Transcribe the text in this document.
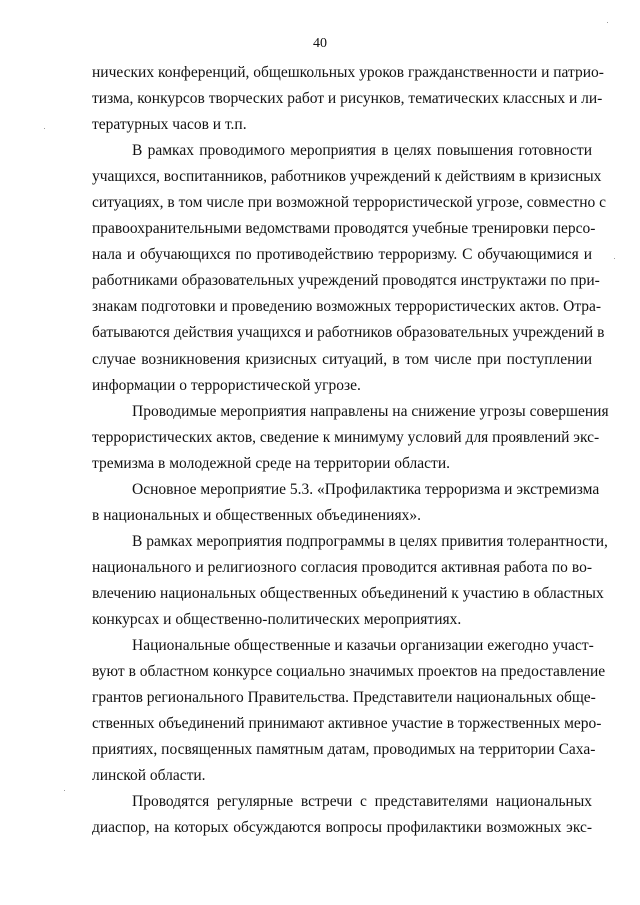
40

нических конференций, общешкольных уроков гражданственности и патрио-
тизма, конкурсов творческих работ и рисунков, тематических классных и ли-
тературных часов и т.п.

В рамках проводимого мероприятия в целях повышения готовности
учащихся, воспитанников, работников учреждений к действиям в кризисных
ситуациях, в том числе при возможной террористической угрозе, совместно с
правоохранительными ведомствами проводятся учебные тренировки персо-
нала и обучающихся по противодействию терроризму. С обучающимися и
работниками образовательных учреждений проводятся инструктажи по при-
знакам подготовки и проведению возможных террористических актов. Отра-
батываются действия учащихся и работников образовательных учреждений в
случае возникновения кризисных ситуаций, в том числе при поступлении
информации о террористической угрозе.

Проводимые мероприятия направлены на снижение угрозы совершения
террористических актов, сведение к минимуму условий для проявлений экс-
тремизма в молодежной среде на территории области.

Основное мероприятие 5.3. «Профилактика терроризма и экстремизма
в национальных и общественных объединениях».

В рамках мероприятия подпрограммы в целях привития толерантности,
национального и религиозного согласия проводится активная работа по во-
влечению национальных общественных объединений к участию в областных
конкурсах и общественно-политических мероприятиях.

Национальные общественные и казачьи организации ежегодно участ-
вуют в областном конкурсе социально значимых проектов на предоставление
грантов регионального Правительства. Представители национальных обще-
ственных объединений принимают активное участие в торжественных меро-
приятиях, посвященных памятным датам, проводимых на территории Саха-
линской области.

Проводятся регулярные встречи с представителями национальных
диаспор, на которых обсуждаются вопросы профилактики возможных экс-
